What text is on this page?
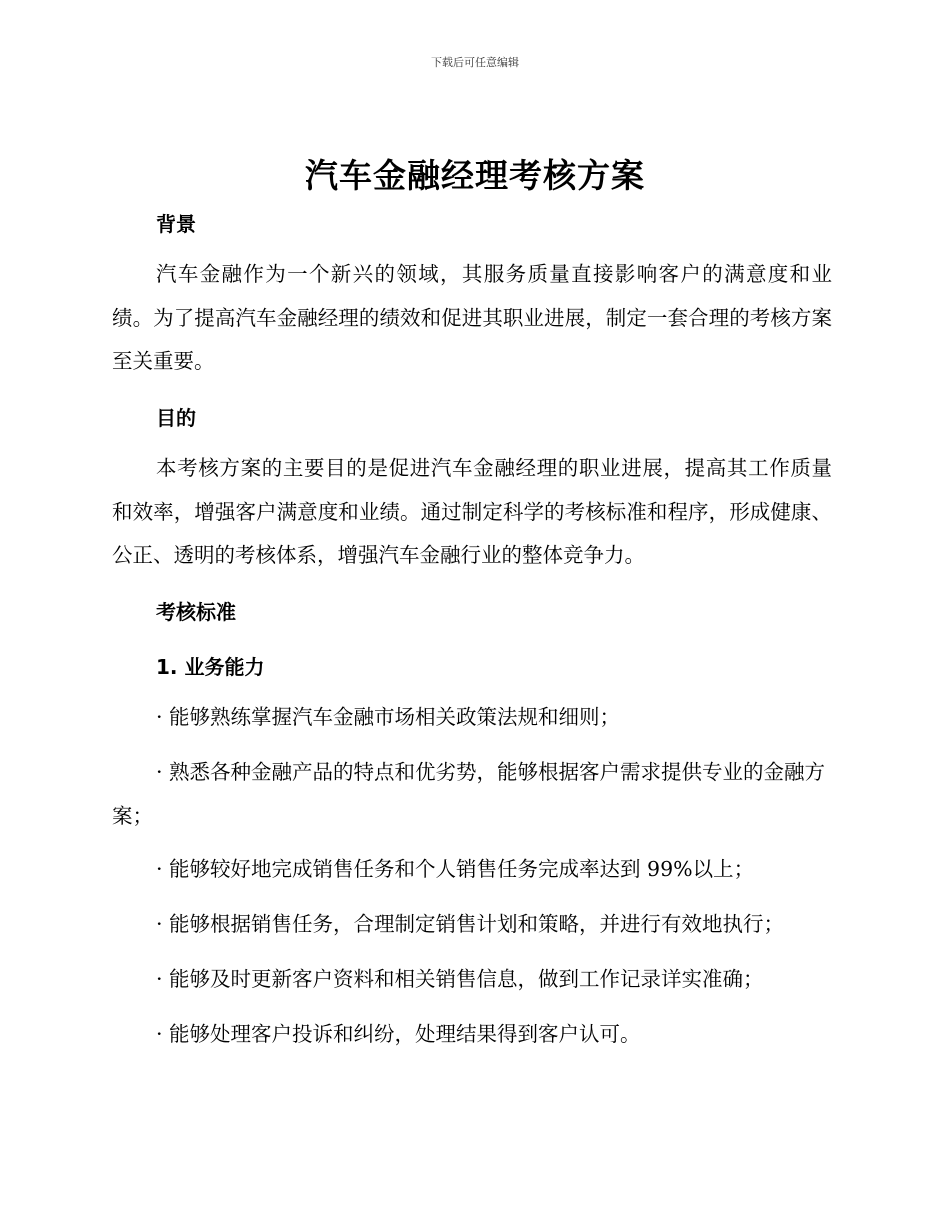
下载后可任意编辑
汽车金融经理考核方案
背景

汽车金融作为一个新兴的领域，其服务质量直接影响客户的满意度和业绩。为了提高汽车金融经理的绩效和促进其职业进展，制定一套合理的考核方案至关重要。

目的

本考核方案的主要目的是促进汽车金融经理的职业进展，提高其工作质量和效率，增强客户满意度和业绩。通过制定科学的考核标准和程序，形成健康、公正、透明的考核体系，增强汽车金融行业的整体竞争力。

考核标准
1. 业务能力

· 能够熟练掌握汽车金融市场相关政策法规和细则；

· 熟悉各种金融产品的特点和优劣势，能够根据客户需求提供专业的金融方案；

· 能够较好地完成销售任务和个人销售任务完成率达到 99%以上；

· 能够根据销售任务，合理制定销售计划和策略，并进行有效地执行；

· 能够及时更新客户资料和相关销售信息，做到工作记录详实准确；

· 能够处理客户投诉和纠纷，处理结果得到客户认可。
